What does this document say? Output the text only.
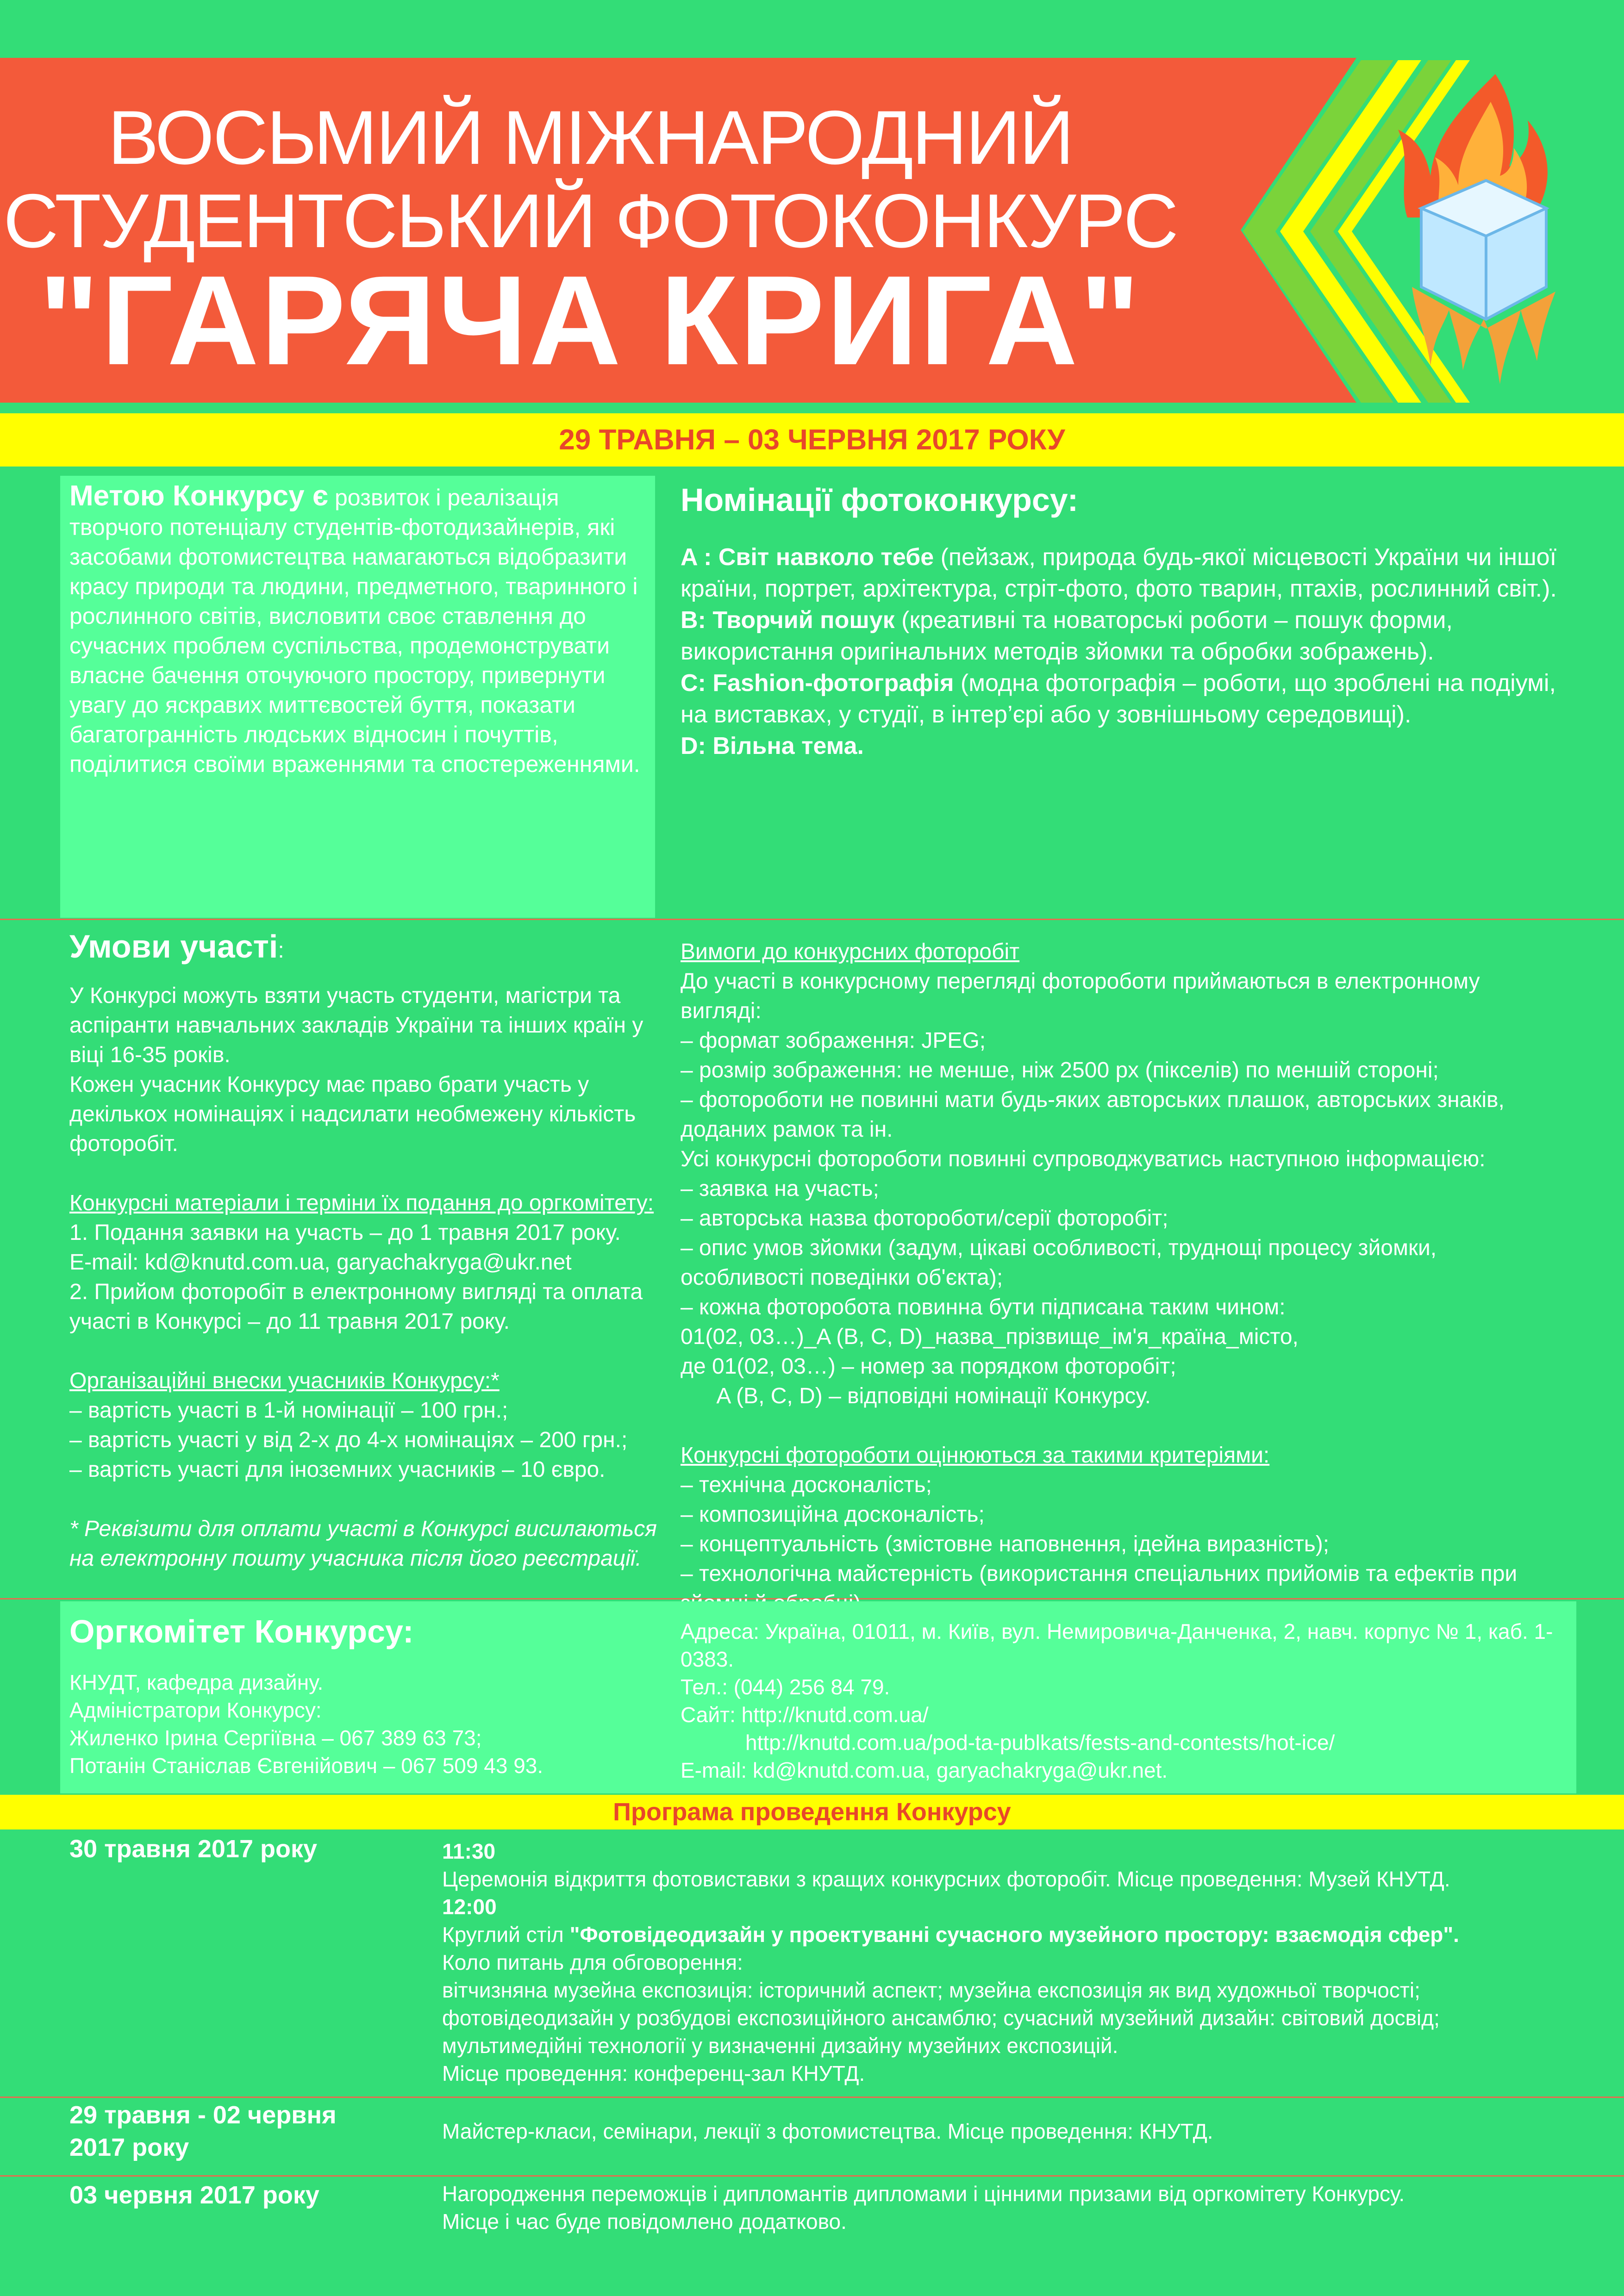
ВОСЬМИЙ МІЖНАРОДНИЙ
СТУДЕНТСЬКИЙ ФОТОКОНКУРС
"ГАРЯЧА КРИГА"
29 ТРАВНЯ – 03 ЧЕРВНЯ 2017 РОКУ
Метою Конкурсу є розвиток і реалізація творчого потенціалу студентів-фотодизайнерів, які засобами фотомистецтва намагаються відобразити красу природи та людини, предметного, тваринного і рослинного світів, висловити своє ставлення до сучасних проблем суспільства, продемонструвати власне бачення оточуючого простору, привернути увагу до яскравих миттєвостей буття, показати багатогранність людських відносин і почуттів, поділитися своїми враженнями та спостереженнями.
Номінації фотоконкурсу:
A : Світ навколо тебе (пейзаж, природа будь-якої місцевості України чи іншої країни, портрет, архітектура, стріт-фото, фото тварин, птахів, рослинний світ.).
B: Творчий пошук (креативні та новаторські роботи – пошук форми, використання оригінальних методів зйомки та обробки зображень).
C: Fashion-фотографія (модна фотографія – роботи, що зроблені на подіумі, на виставках, у студії, в інтер’єрі або у зовнішньому середовищі).
D: Вільна тема.
Умови участі:
У Конкурсі можуть взяти участь студенти, магістри та аспіранти навчальних закладів України та інших країн у віці 16-35 років.
Кожен учасник Конкурсу має право брати участь у декількох номінаціях і надсилати необмежену кількість фоторобіт.
Конкурсні матеріали і терміни їх подання до оргкомітету:
1. Подання заявки на участь – до 1 травня 2017 року.
E-mail: kd@knutd.com.ua, garyachakryga@ukr.net
2. Прийом фоторобіт в електронному вигляді та оплата участі в Конкурсі – до 11 травня 2017 року.
Організаційні внески учасників Конкурсу:*
– вартість участі в 1-й номінації – 100 грн.;
– вартість участі у від 2-х до 4-х номінаціях – 200 грн.;
– вартість участі для іноземних учасників – 10 євро.
* Реквізити для оплати участі в Конкурсі висилаються на електронну пошту учасника після його реєстрації.
Вимоги до конкурсних фоторобіт
До участі в конкурсному перегляді фотороботи приймаються в електронному вигляді:
– формат зображення: JPEG;
– розмір зображення: не менше, ніж 2500 px (пікселів) по меншій стороні;
– фотороботи не повинні мати будь-яких авторських плашок, авторських знаків, доданих рамок та ін.
Усі конкурсні фотороботи повинні супроводжуватись наступною інформацією:
– заявка на участь;
– авторська назва фотороботи/серії фоторобіт;
– опис умов зйомки (задум, цікаві особливості, труднощі процесу зйомки, особливості поведінки об'єкта);
– кожна фоторобота повинна бути підписана таким чином:
01(02, 03…)_A (B, C, D)_назва_прізвище_ім'я_країна_місто,
де 01(02, 03…) – номер за порядком фоторобіт;
A (B, C, D) – відповідні номінації Конкурсу.
Конкурсні фотороботи оцінюються за такими критеріями:
– технічна досконалість;
– композиційна досконалість;
– концептуальність (змістовне наповнення, ідейна виразність);
– технологічна майстерність (використання спеціальних прийомів та ефектів при
Оргкомітет Конкурсу:
КНУДТ, кафедра дизайну.
Адміністратори Конкурсу:
Жиленко Ірина Сергіївна – 067 389 63 73;
Потанін Станіслав Євгенійович – 067 509 43 93.
Адреса: Україна, 01011, м. Київ, вул. Немировича-Данченка, 2, навч. корпус № 1, каб. 1-0383.
Тел.: (044) 256 84 79.
Сайт: http://knutd.com.ua/
http://knutd.com.ua/pod-ta-publkats/fests-and-contests/hot-ice/
E-mail: kd@knutd.com.ua, garyachakryga@ukr.net.
Програма проведення Конкурсу
30 травня 2017 року	11:30
Церемонія відкриття фотовиставки з кращих конкурсних фоторобіт. Місце проведення: Музей КНУТД.
12:00
Круглий стіл "Фотовідеодизайн у проектуванні сучасного музейного простору: взаємодія сфер".
Коло питань для обговорення:
вітчизняна музейна експозиція: історичний аспект; музейна експозиція як вид художньої творчості;
фотовідеодизайн у розбудові експозиційного ансамблю; сучасний музейний дизайн: світовий досвід;
мультимедійні технології у визначенні дизайну музейних експозицій.
Місце проведення: конференц-зал КНУТД.
29 травня - 02 червня
2017 року
Майстер-класи, семінари, лекції з фотомистецтва. Місце проведення: КНУТД.
03 червня 2017 року	Нагородження переможців і дипломантів дипломами і цінними призами від оргкомітету Конкурсу.
Місце і час буде повідомлено додатково.
